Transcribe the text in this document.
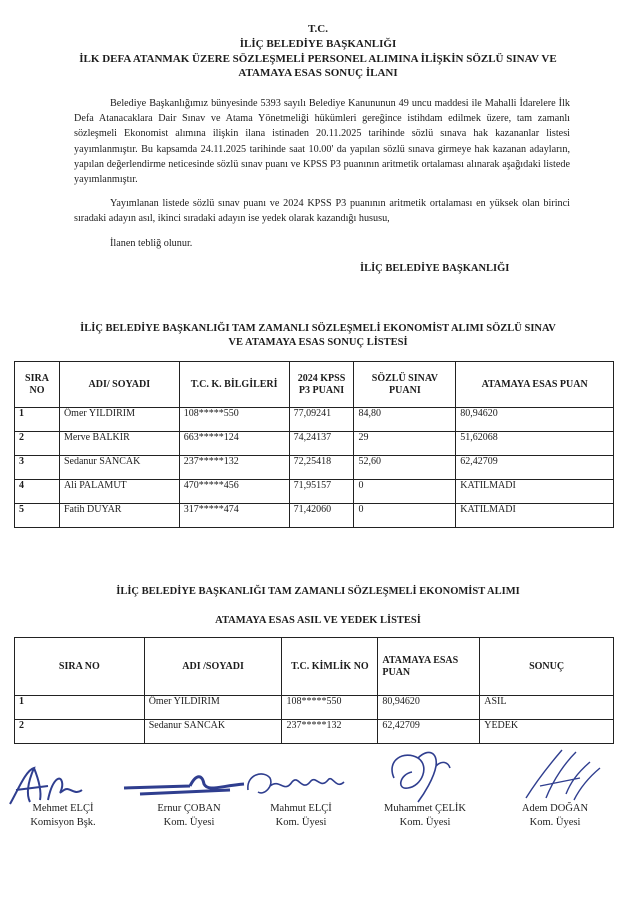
T.C.
İLİÇ BELEDİYE BAŞKANLIĞI
İLK DEFA ATANMAK ÜZERE SÖZLEŞMELİ PERSONEL ALIMINA İLİŞKİN SÖZLÜ SINAV VE
ATAMAYA ESAS SONUÇ İLANI
Belediye Başkanlığımız bünyesinde 5393 sayılı Belediye Kanununun 49 uncu maddesi ile Mahalli İdarelere İlk Defa Atanacaklara Dair Sınav ve Atama Yönetmeliği hükümleri gereğince istihdam edilmek üzere, tam zamanlı sözleşmeli Ekonomist alımına ilişkin ilana istinaden 20.11.2025 tarihinde sözlü sınava hak kazananlar listesi yayımlanmıştır. Bu kapsamda 24.11.2025 tarihinde saat 10.00' da yapılan sözlü sınava girmeye hak kazanan adayların, yapılan değerlendirme neticesinde sözlü sınav puanı ve KPSS P3 puanının aritmetik ortalaması alınarak aşağıdaki listede yayımlanmıştır.
Yayımlanan listede sözlü sınav puanı ve 2024 KPSS P3 puanının aritmetik ortalaması en yüksek olan birinci sıradaki adayın asıl, ikinci sıradaki adayın ise yedek olarak kazandığı hususu,
İlanen tebliğ olunur.
İLİÇ BELEDİYE BAŞKANLIĞI
İLİÇ BELEDİYE BAŞKANLIĞI TAM ZAMANLI SÖZLEŞMELİ EKONOMİST ALIMI SÖZLÜ SINAV
VE ATAMAYA ESAS SONUÇ LİSTESİ
SIRA NO	ADI/ SOYADI	T.C. K. BİLGİLERİ	2024 KPSS P3 PUANI	SÖZLÜ SINAV PUANI	ATAMAYA ESAS PUAN
1	Ömer YILDIRIM	108*****550	77,09241	84,80	80,94620
2	Merve BALKIR	663*****124	74,24137	29	51,62068
3	Sedanur SANCAK	237*****132	72,25418	52,60	62,42709
4	Ali PALAMUT	470*****456	71,95157	0	KATILMADI
5	Fatih DUYAR	317*****474	71,42060	0	KATILMADI
İLİÇ BELEDİYE BAŞKANLIĞI TAM ZAMANLI SÖZLEŞMELİ EKONOMİST ALIMI
ATAMAYA ESAS ASIL VE YEDEK LİSTESİ
SIRA NO	ADI /SOYADI	T.C. KİMLİK NO	ATAMAYA ESAS PUAN	SONUÇ
1	Ömer YILDIRIM	108*****550	80,94620	ASIL
2	Sedanur SANCAK	237*****132	62,42709	YEDEK
Mehmet ELÇİ
Komisyon Bşk.
Ernur ÇOBAN
Kom. Üyesi
Mahmut ELÇİ
Kom. Üyesi
Muhammet ÇELİK
Kom. Üyesi
Adem DOĞAN
Kom. Üyesi
